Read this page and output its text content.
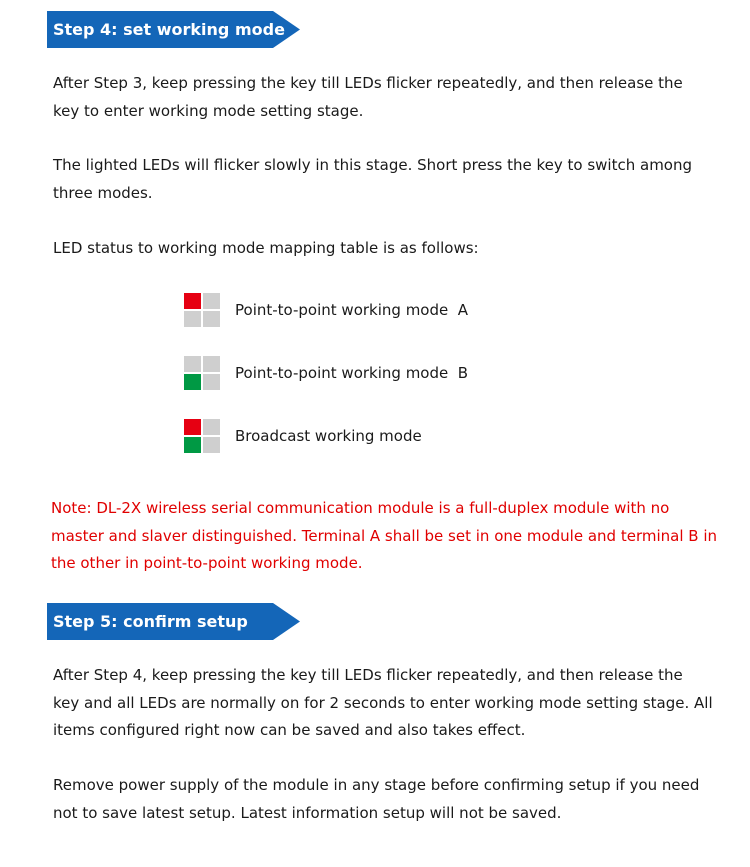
Step 4: set working mode

After Step 3, keep pressing the key till LEDs flicker repeatedly, and then release the key to enter working mode setting stage.

The lighted LEDs will flicker slowly in this stage. Short press the key to switch among three modes.

LED status to working mode mapping table is as follows:

Point-to-point working mode  A
Point-to-point working mode  B
Broadcast working mode

Note: DL-2X wireless serial communication module is a full-duplex module with no master and slaver distinguished. Terminal A shall be set in one module and terminal B in the other in point-to-point working mode.

Step 5: confirm setup

After Step 4, keep pressing the key till LEDs flicker repeatedly, and then release the key and all LEDs are normally on for 2 seconds to enter working mode setting stage. All items configured right now can be saved and also takes effect.

Remove power supply of the module in any stage before confirming setup if you need not to save latest setup. Latest information setup will not be saved.
